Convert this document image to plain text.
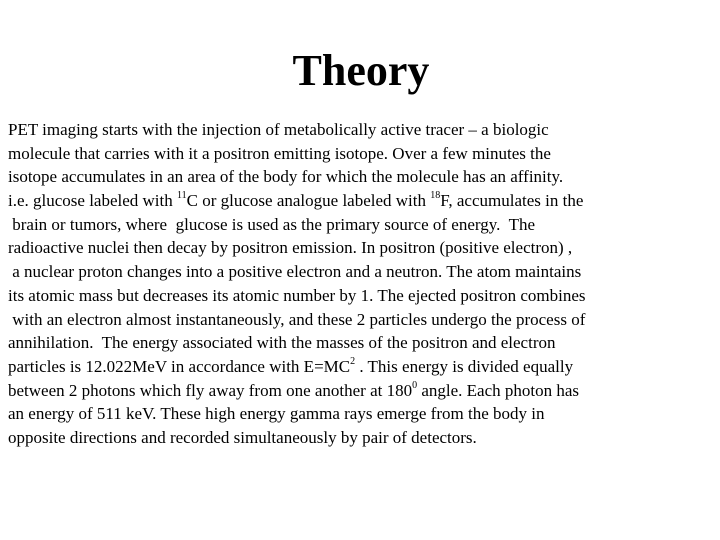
Theory
PET imaging starts with the injection of metabolically active tracer – a biologic
molecule that carries with it a positron emitting isotope. Over a few minutes the
isotope accumulates in an area of the body for which the molecule has an affinity.
i.e. glucose labeled with $^{11}$C or glucose analogue labeled with $^{18}$F, accumulates in the
brain or tumors, where  glucose is used as the primary source of energy.  The
radioactive nuclei then decay by positron emission. In positron (positive electron) ,
a nuclear proton changes into a positive electron and a neutron. The atom maintains
its atomic mass but decreases its atomic number by 1. The ejected positron combines
with an electron almost instantaneously, and these 2 particles undergo the process of
annihilation.  The energy associated with the masses of the positron and electron
particles is 12.022MeV in accordance with $E=MC^2$ . This energy is divided equally
between 2 photons which fly away from one another at $180^0$ angle. Each photon has
an energy of 511 keV. These high energy gamma rays emerge from the body in
opposite directions and recorded simultaneously by pair of detectors.
